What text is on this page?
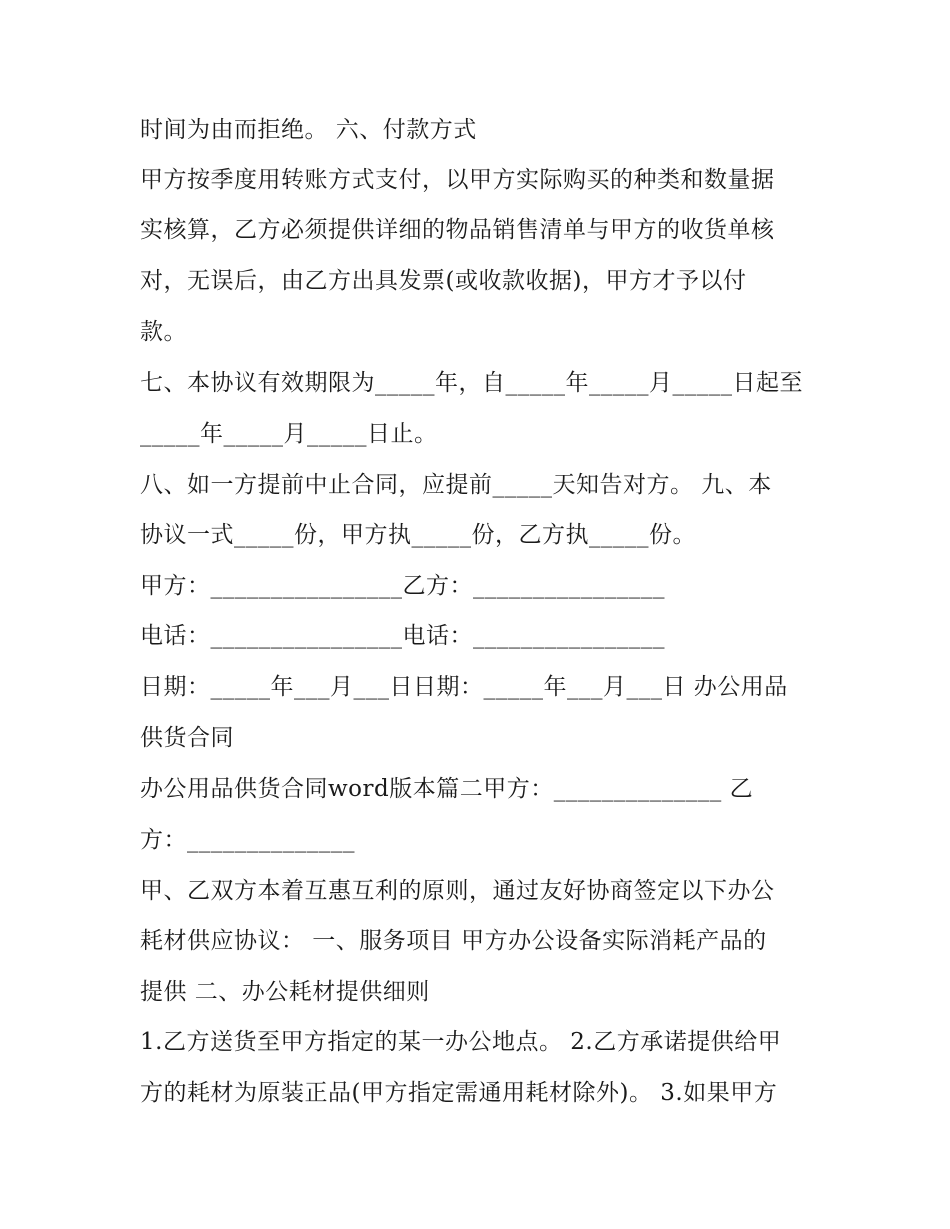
时间为由而拒绝。 六、付款方式

甲方按季度用转账方式支付，以甲方实际购买的种类和数量据

实核算，乙方必须提供详细的物品销售清单与甲方的收货单核

对，无误后，由乙方出具发票(或收款收据)，甲方才予以付

款。

七、本协议有效期限为_____年，自_____年_____月_____日起至

_____年_____月_____日止。

八、如一方提前中止合同，应提前_____天知告对方。 九、本

协议一式_____份，甲方执_____份，乙方执_____份。

甲方：________________乙方：________________

电话：________________电话：________________

日期：_____年___月___日日期：_____年___月___日 办公用品

供货合同

办公用品供货合同word版本篇二甲方：______________ 乙

方：______________

甲、乙双方本着互惠互利的原则，通过友好协商签定以下办公

耗材供应协议： 一、服务项目 甲方办公设备实际消耗产品的

提供 二、办公耗材提供细则

1.乙方送货至甲方指定的某一办公地点。 2.乙方承诺提供给甲

方的耗材为原装正品(甲方指定需通用耗材除外)。 3.如果甲方
